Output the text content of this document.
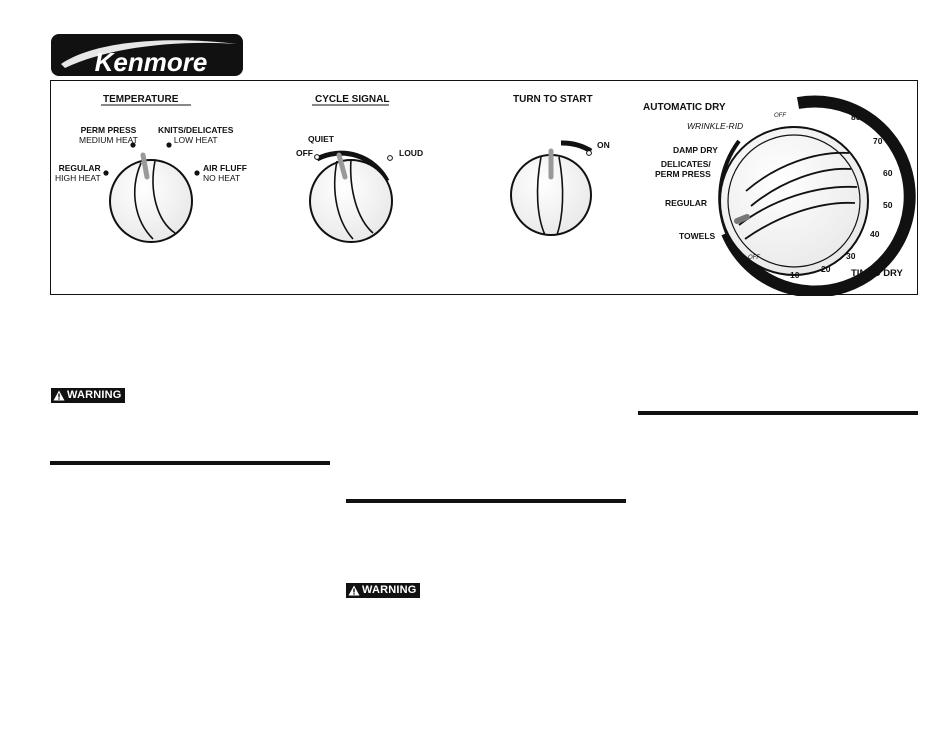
Kenmore
TEMPERATURE
PERM PRESS
MEDIUM HEAT
KNITS/DELICATES
LOW HEAT
REGULAR
HIGH HEAT
AIR FLUFF
NO HEAT
CYCLE SIGNAL
QUIET
OFF	LOUD
TURN TO START
ON
AUTOMATIC DRY
WRINKLE-RID
DAMP DRY
DELICATES/
PERM PRESS
REGULAR
TOWELS
OFF
OFF
90
80
70
60
50
40
30
20
10	TIMED DRY
WARNING
WARNING
